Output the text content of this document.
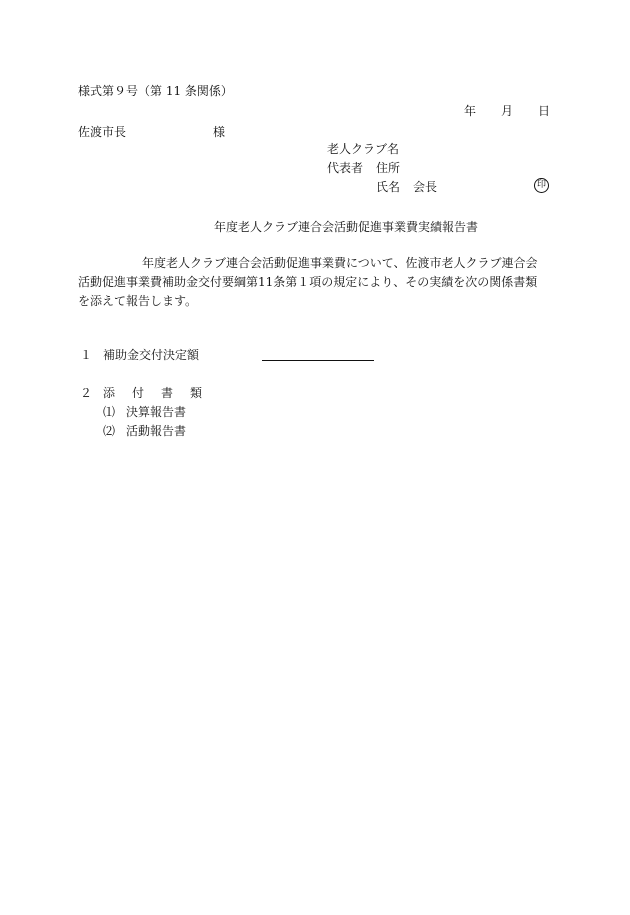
様式第９号（第 11 条関係）
年 月 日
佐渡市長	様
老人クラブ名
代表者 住所
氏名 会長	印
年度老人クラブ連合会活動促進事業費実績報告書
年度老人クラブ連合会活動促進事業費について、佐渡市老人クラブ連合会
活動促進事業費補助金交付要綱第11条第１項の規定により、その実績を次の関係書類
を添えて報告します。
１ 補助金交付決定額
２ 添付書類
⑴ 決算報告書
⑵ 活動報告書
